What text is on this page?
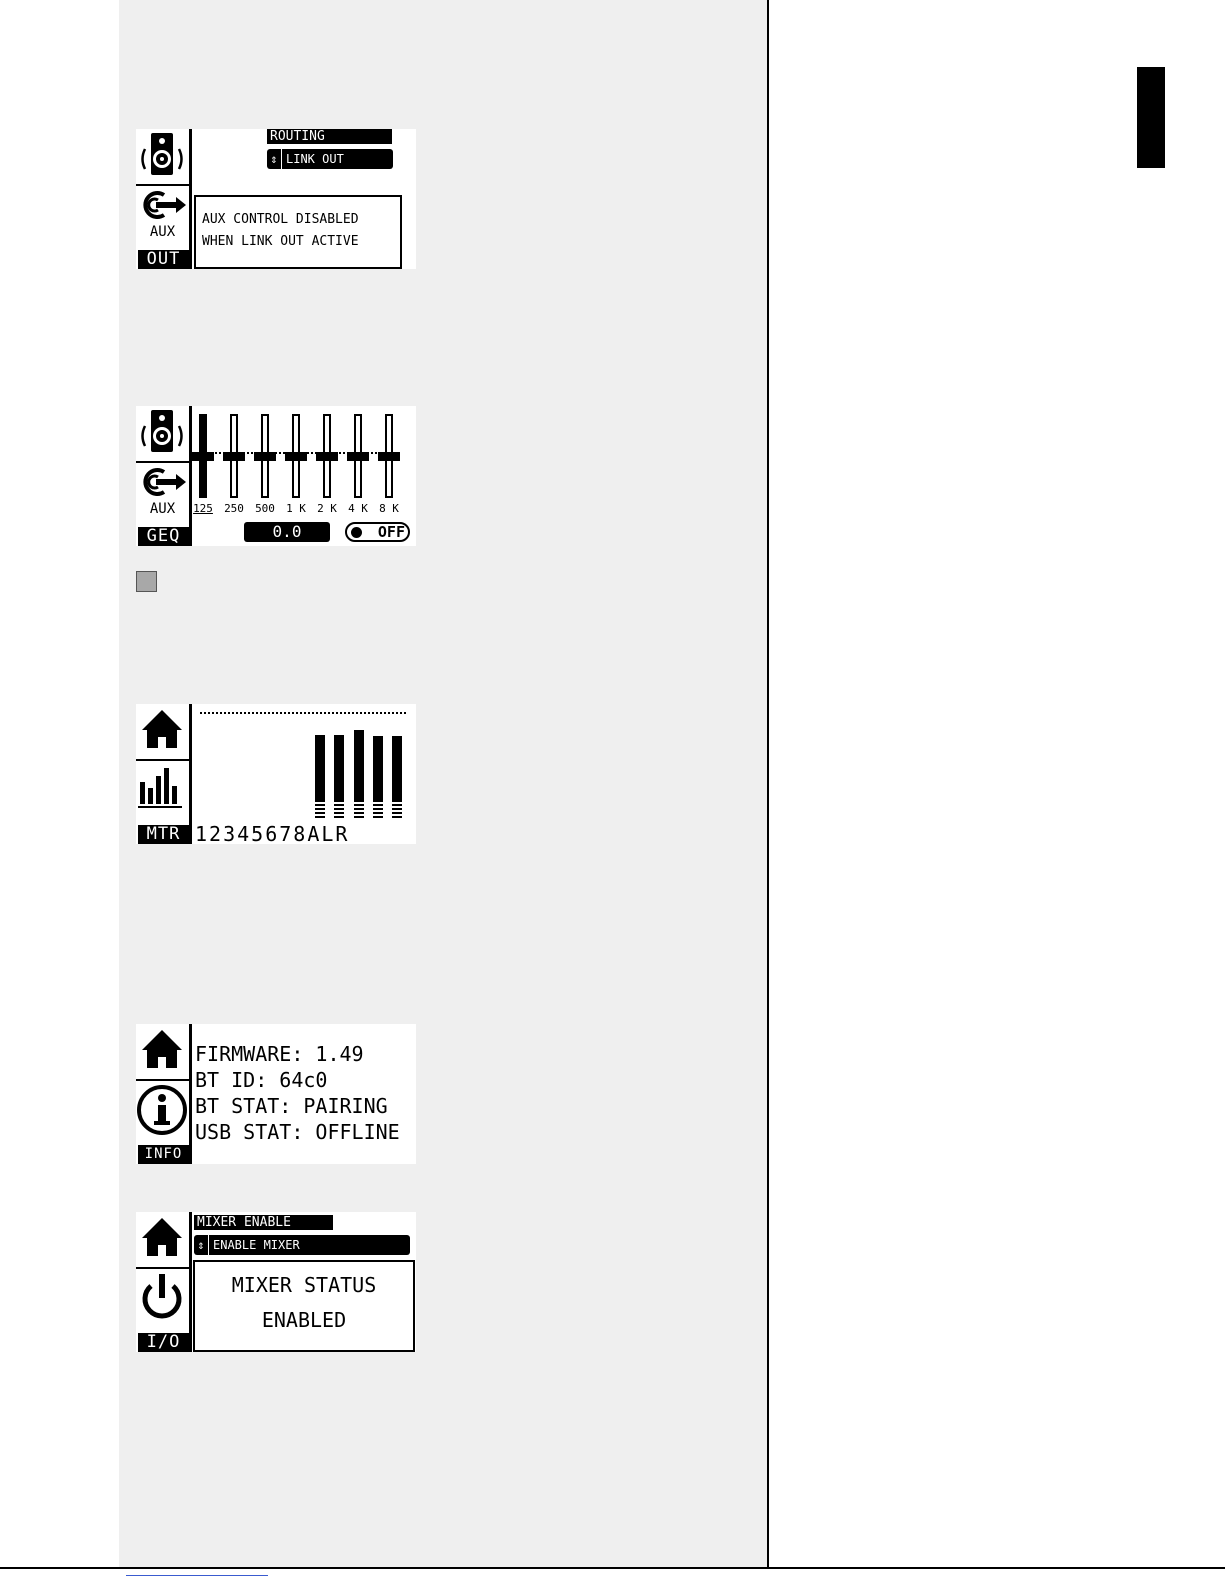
AUX
OUT
ROUTING
⇕ LINK OUT
AUX CONTROL DISABLED
WHEN LINK OUT ACTIVE
AUX
GEQ
125	250	500	1 K	2 K	4 K	8 K
0.0	OFF
MTR 12345678ALR
INFO
FIRMWARE: 1.49
BT ID: 64c0
BT STAT: PAIRING
USB STAT: OFFLINE
I/O
MIXER ENABLE
⇕ ENABLE MIXER
MIXER STATUS
ENABLED
